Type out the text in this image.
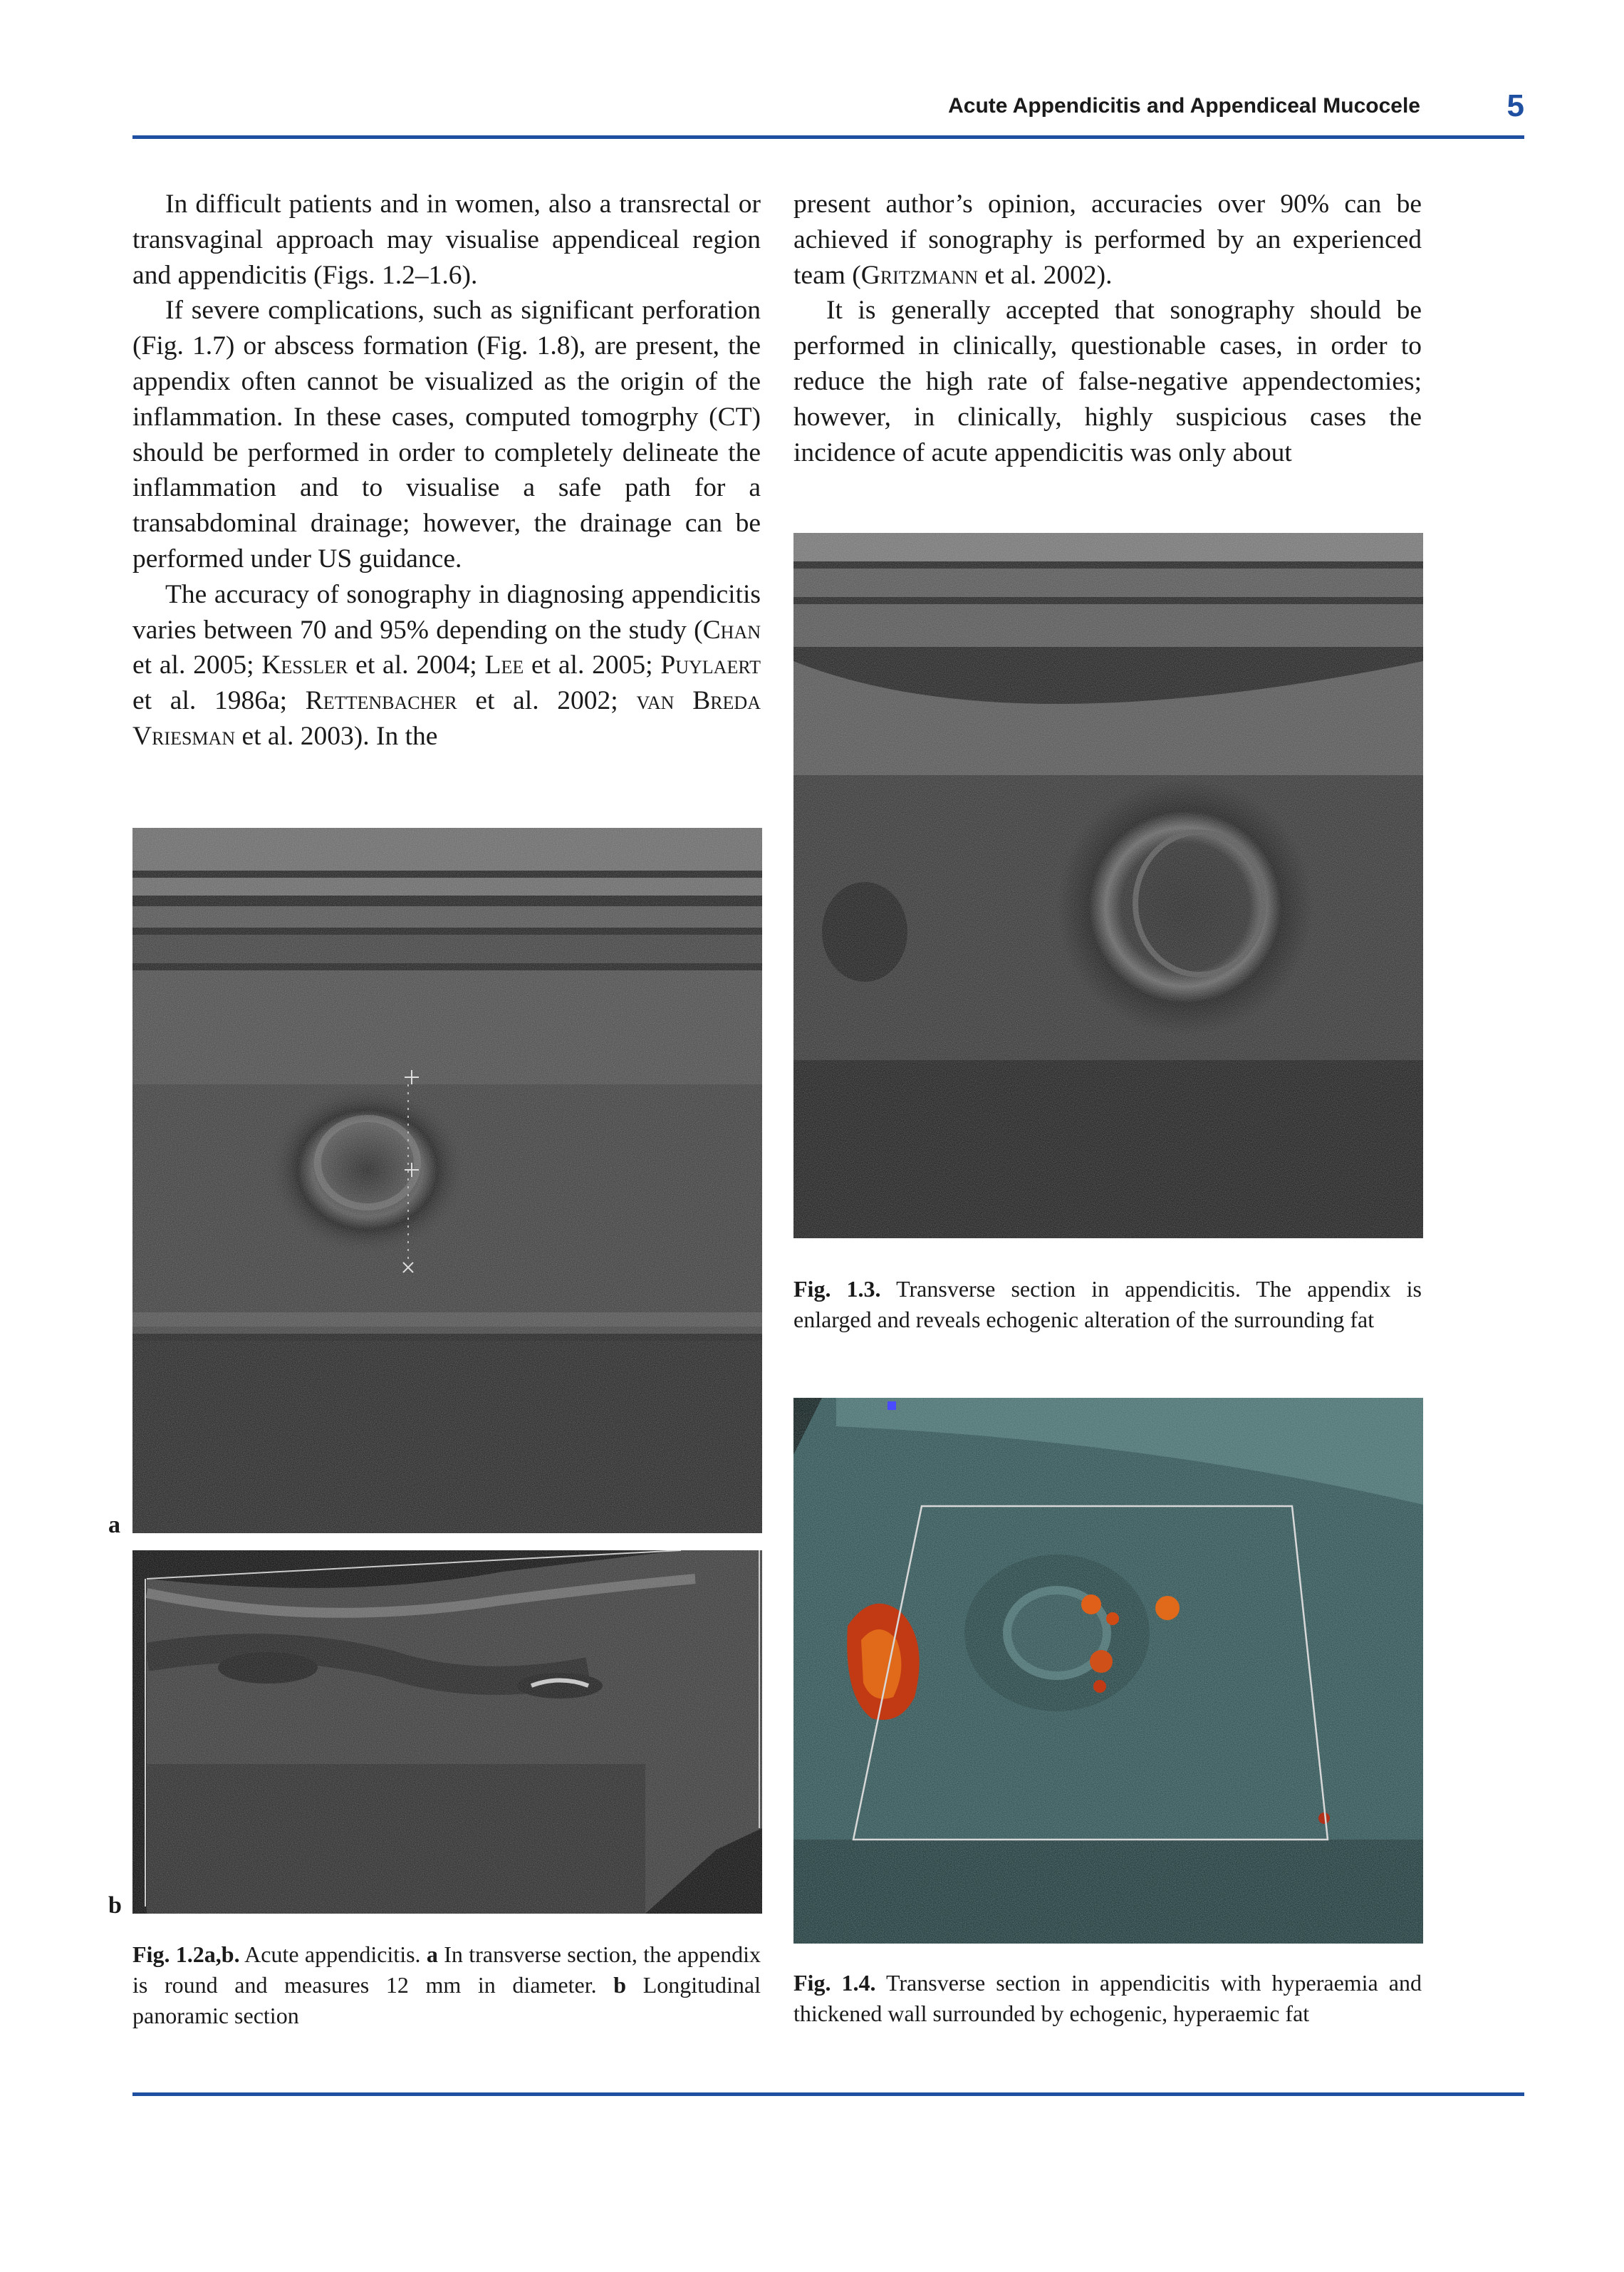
Acute Appendicitis and Appendiceal Mucocele	5

In difficult patients and in women, also a transrectal or transvaginal approach may visualise appendiceal region and appendicitis (Figs. 1.2–1.6).

If severe complications, such as significant perforation (Fig. 1.7) or abscess formation (Fig. 1.8), are present, the appendix often cannot be visualized as the origin of the inflammation. In these cases, computed tomogrphy (CT) should be performed in order to completely delineate the inflammation and to visualise a safe path for a transabdominal drainage; however, the drainage can be performed under US guidance.

The accuracy of sonography in diagnosing appendicitis varies between 70 and 95% depending on the study (Chan et al. 2005; Kessler et al. 2004; Lee et al. 2005; Puylaert et al. 1986a; Rettenbacher et al. 2002; van Breda Vriesman et al. 2003). In the

present author’s opinion, accuracies over 90% can be achieved if sonography is performed by an experienced team (Gritzmann et al. 2002).

It is generally accepted that sonography should be performed in clinically, questionable cases, in order to reduce the high rate of false-negative appendectomies; however, in clinically, highly suspicious cases the incidence of acute appendicitis was only about

a
b
Fig. 1.2a,b. Acute appendicitis. a In transverse section, the appendix is round and measures 12 mm in diameter. b Longitudinal panoramic section
Fig. 1.3. Transverse section in appendicitis. The appendix is enlarged and reveals echogenic alteration of the surrounding fat
Fig. 1.4. Transverse section in appendicitis with hyperaemia and thickened wall surrounded by echogenic, hyperaemic fat
